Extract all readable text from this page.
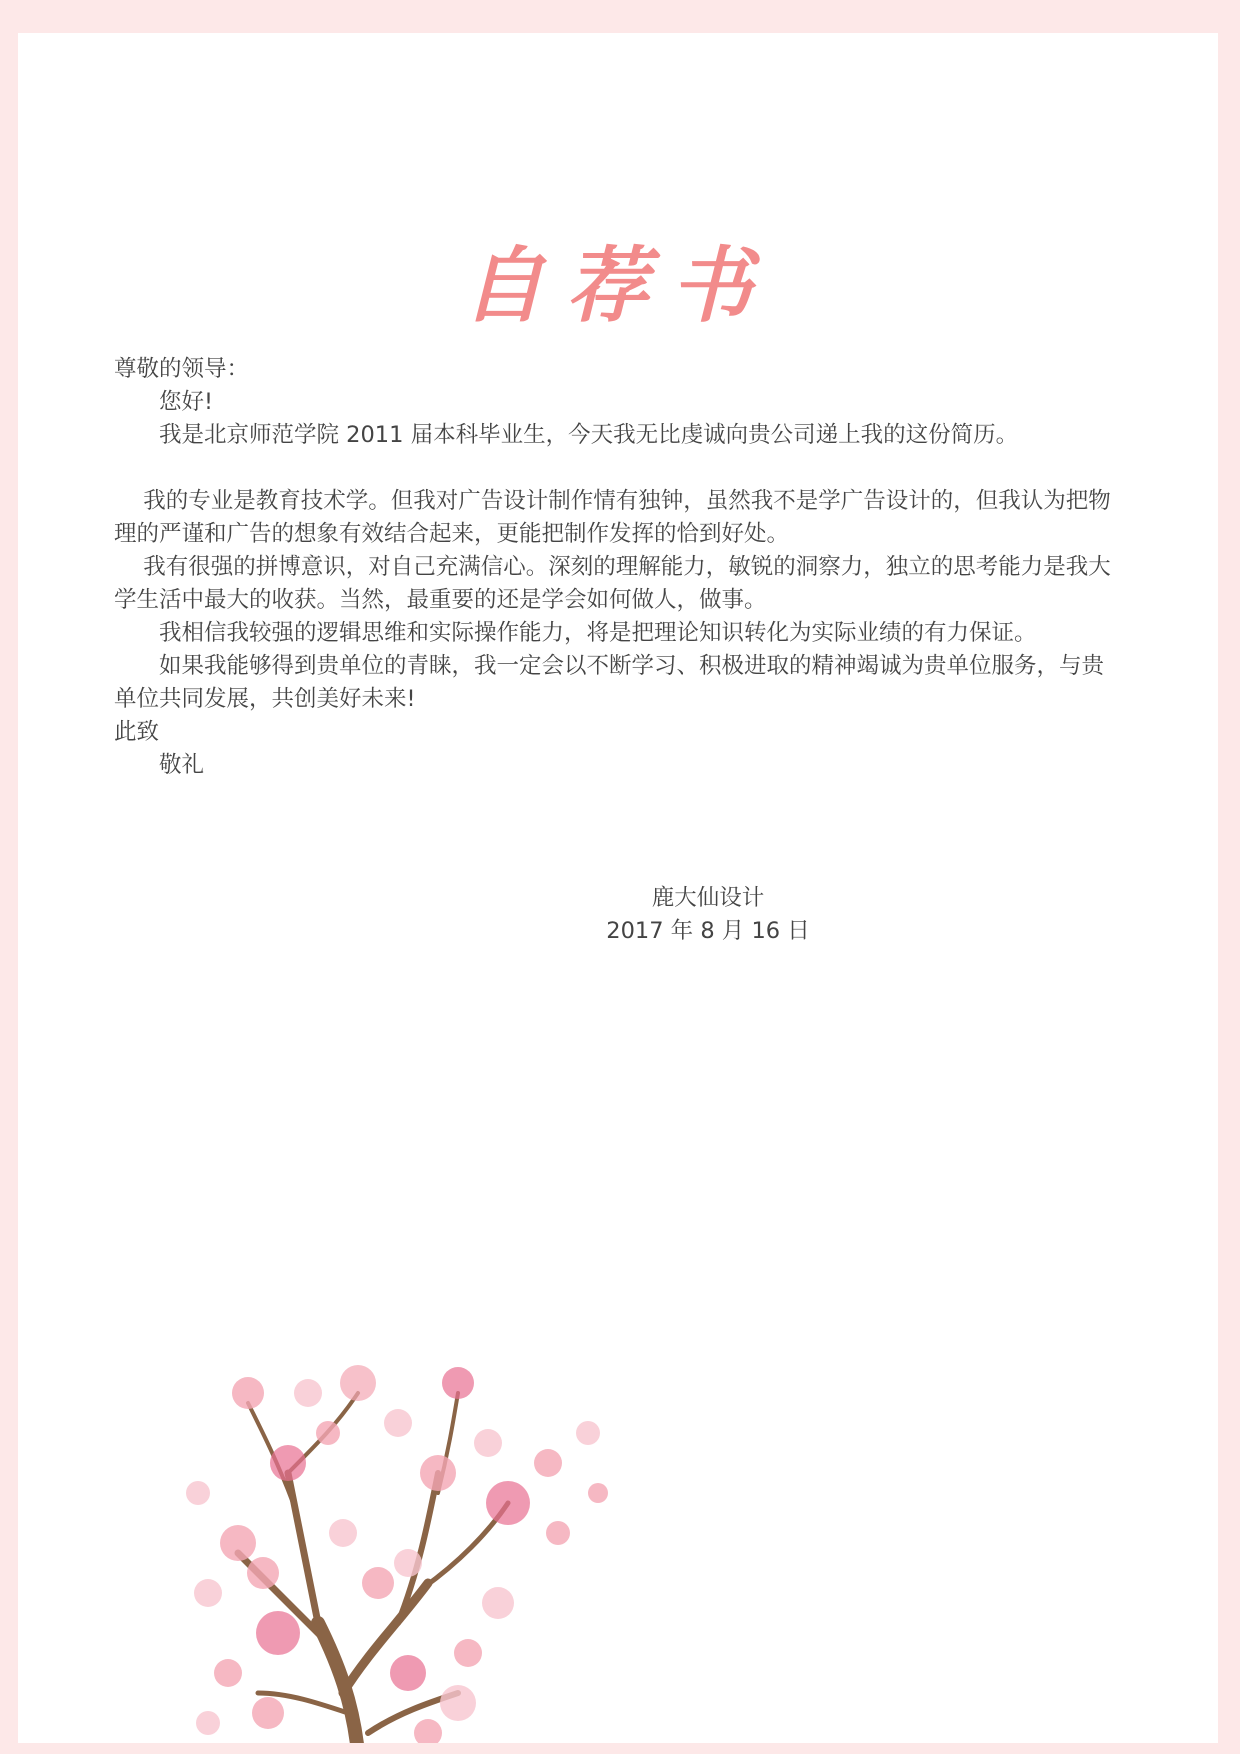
自荐书

尊敬的领导：

您好!

我是北京师范学院 2011 届本科毕业生，今天我无比虔诚向贵公司递上我的这份简历。

我的专业是教育技术学。但我对广告设计制作情有独钟，虽然我不是学广告设计的，但我认为把物理的严谨和广告的想象有效结合起来，更能把制作发挥的恰到好处。

我有很强的拼博意识，对自己充满信心。深刻的理解能力，敏锐的洞察力，独立的思考能力是我大学生活中最大的收获。当然，最重要的还是学会如何做人，做事。

我相信我较强的逻辑思维和实际操作能力，将是把理论知识转化为实际业绩的有力保证。

如果我能够得到贵单位的青睐，我一定会以不断学习、积极进取的精神竭诚为贵单位服务，与贵单位共同发展，共创美好未来!

此致

敬礼

鹿大仙设计
2017 年 8 月 16 日
